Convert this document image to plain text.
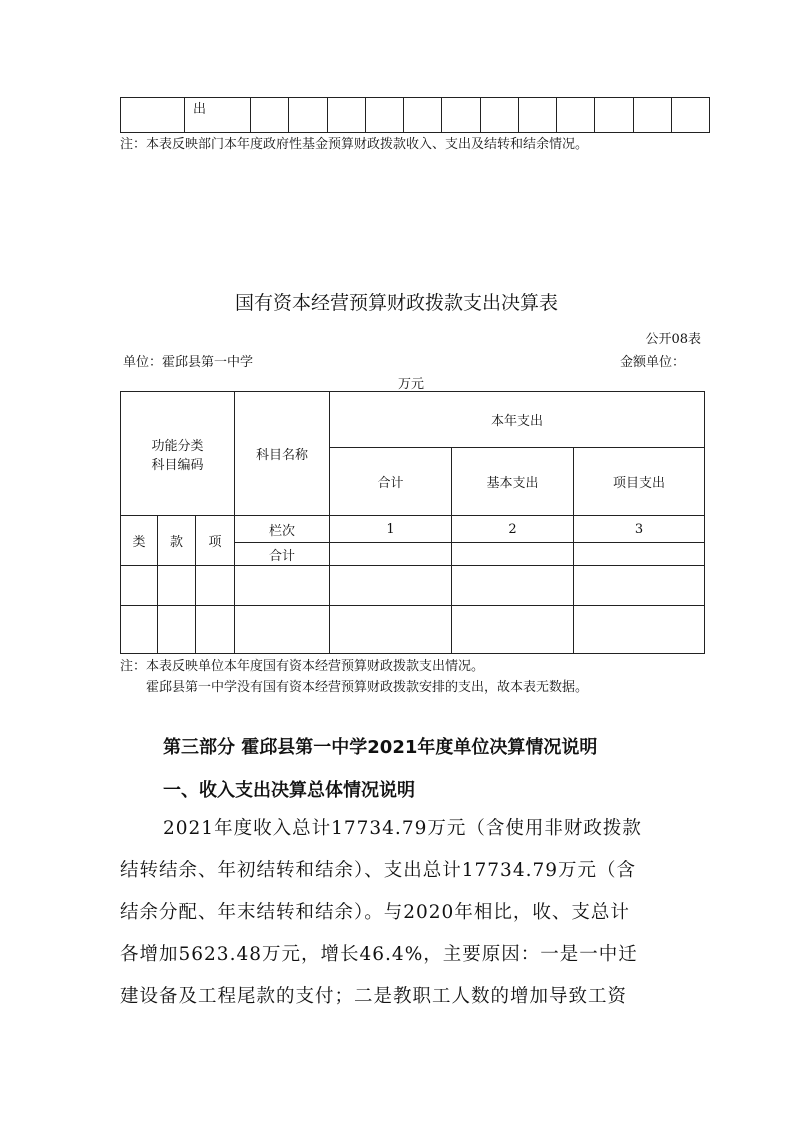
	出												
注：本表反映部门本年度政府性基金预算财政拨款收入、支出及结转和结余情况。
国有资本经营预算财政拨款支出决算表
公开08表
单位：霍邱县第一中学	金额单位：
万元
功能分类
科目编码			科目名称	本年支出		
				合计	基本支出	项目支出
类	款	项	栏次	1	2	3
			合计			

注：本表反映单位本年度国有资本经营预算财政拨款支出情况。
霍邱县第一中学没有国有资本经营预算财政拨款安排的支出，故本表无数据。
第三部分 霍邱县第一中学2021年度单位决算情况说明
一、收入支出决算总体情况说明
2021年度收入总计17734.79万元（含使用非财政拨款
结转结余、年初结转和结余）、支出总计17734.79万元（含
结余分配、年末结转和结余）。与2020年相比，收、支总计
各增加5623.48万元，增长46.4%，主要原因：一是一中迁
建设备及工程尾款的支付；二是教职工人数的增加导致工资
